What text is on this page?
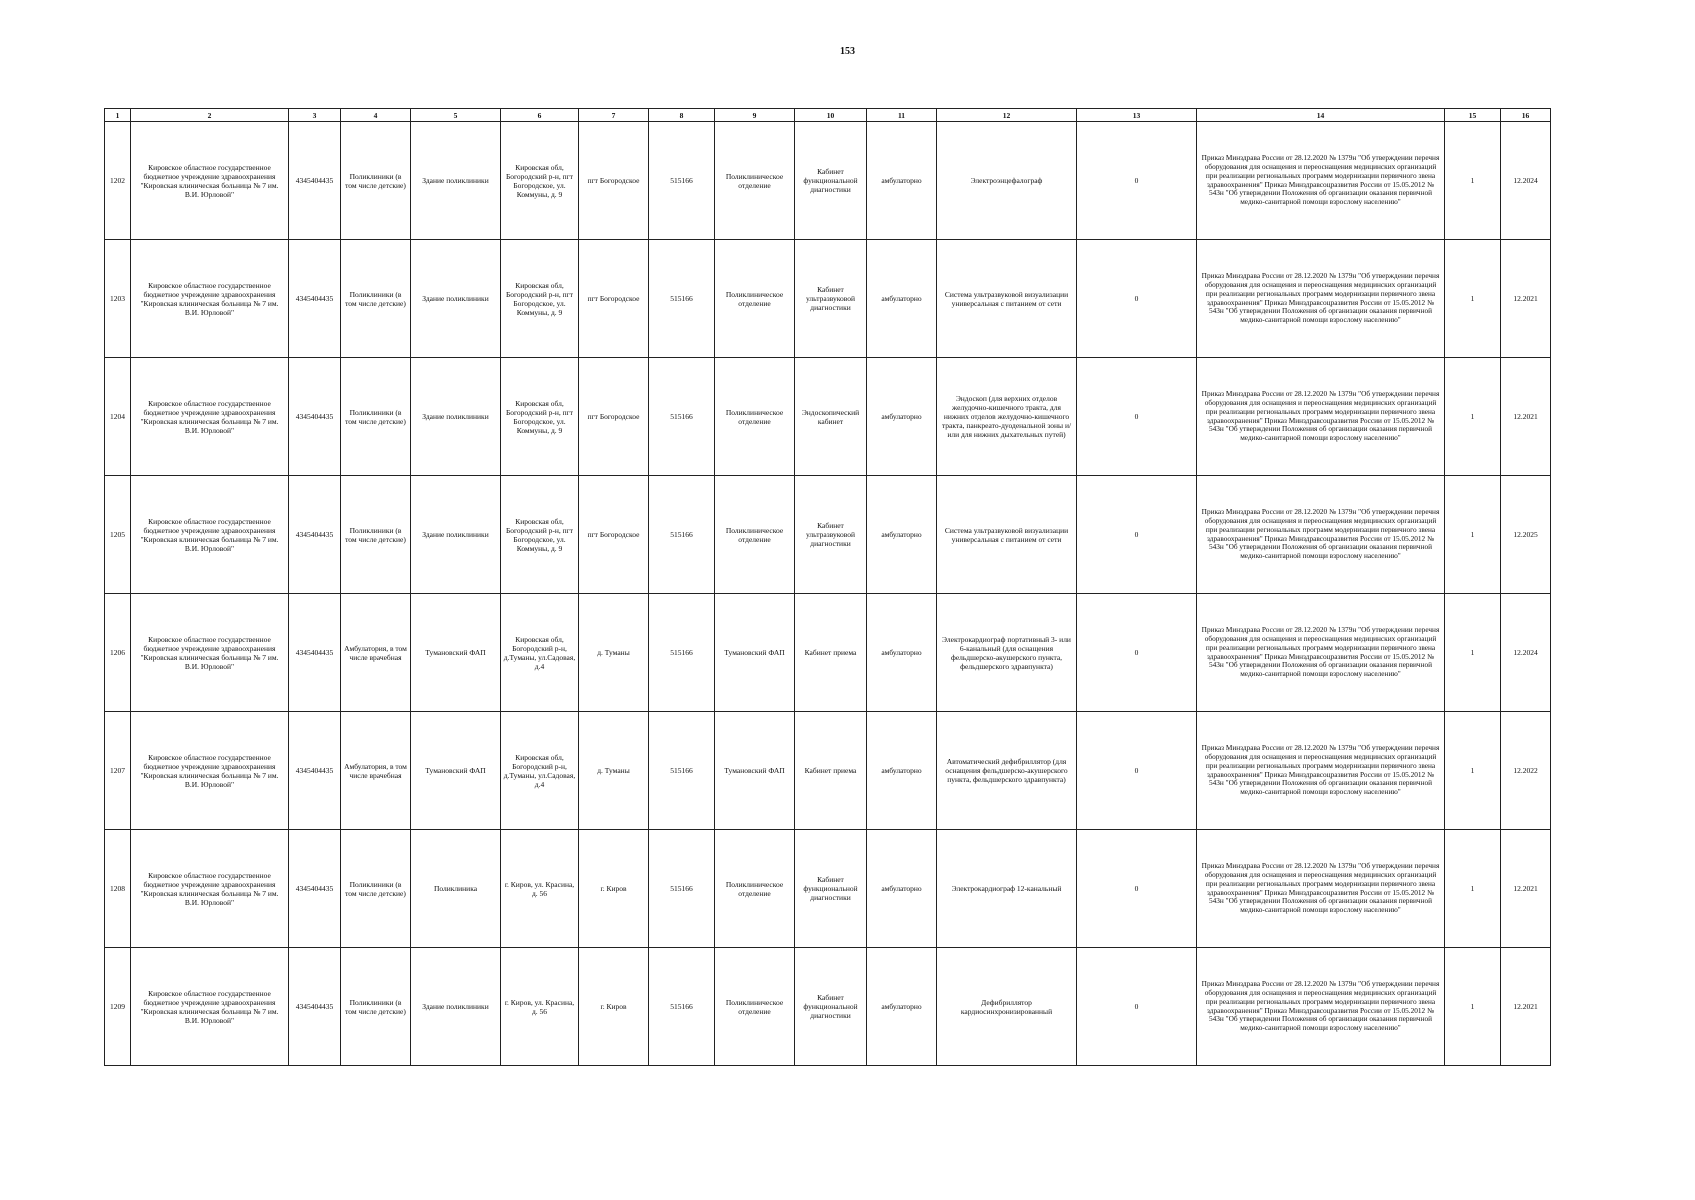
153
1	2	3	4	5	6	7	8	9	10	11	12	13	14	15	16
1202	Кировское областное государственное бюджетное учреждение здравоохранения "Кировская клиническая больница № 7 им. В.И. Юрловой"	4345404435	Поликлиники (в том числе детские)	Здание поликлиники	Кировская обл, Богородский р-н, пгт Богородское, ул. Коммуны, д. 9	пгт Богородское	515166	Поликлиническое отделение	Кабинет функциональной диагностики	амбулаторно	Электроэнцефалограф	0	Приказ Минздрава России от 28.12.2020 № 1379н "Об утверждении перечня оборудования для оснащения и переоснащения медицинских организаций при реализации региональных программ модернизации первичного звена здравоохранения" Приказ Минздравсоцразвития России от 15.05.2012 № 543н "Об утверждении Положения об организации оказания первичной медико-санитарной помощи взрослому населению"	1	12.2024
1203	Кировское областное государственное бюджетное учреждение здравоохранения "Кировская клиническая больница № 7 им. В.И. Юрловой"	4345404435	Поликлиники (в том числе детские)	Здание поликлиники	Кировская обл, Богородский р-н, пгт Богородское, ул. Коммуны, д. 9	пгт Богородское	515166	Поликлиническое отделение	Кабинет ультразвуковой диагностики	амбулаторно	Система ультразвуковой визуализации универсальная с питанием от сети	0	Приказ Минздрава России от 28.12.2020 № 1379н "Об утверждении перечня оборудования для оснащения и переоснащения медицинских организаций при реализации региональных программ модернизации первичного звена здравоохранения" Приказ Минздравсоцразвития России от 15.05.2012 № 543н "Об утверждении Положения об организации оказания первичной медико-санитарной помощи взрослому населению"	1	12.2021
1204	Кировское областное государственное бюджетное учреждение здравоохранения "Кировская клиническая больница № 7 им. В.И. Юрловой"	4345404435	Поликлиники (в том числе детские)	Здание поликлиники	Кировская обл, Богородский р-н, пгт Богородское, ул. Коммуны, д. 9	пгт Богородское	515166	Поликлиническое отделение	Эндоскопический кабинет	амбулаторно	Эндоскоп (для верхних отделов желудочно-кишечного тракта, для нижних отделов желудочно-кишечного тракта, панкреато-дуоденальной зоны и/или для нижних дыхательных путей)	0	Приказ Минздрава России от 28.12.2020 № 1379н "Об утверждении перечня оборудования для оснащения и переоснащения медицинских организаций при реализации региональных программ модернизации первичного звена здравоохранения" Приказ Минздравсоцразвития России от 15.05.2012 № 543н "Об утверждении Положения об организации оказания первичной медико-санитарной помощи взрослому населению"	1	12.2021
1205	Кировское областное государственное бюджетное учреждение здравоохранения "Кировская клиническая больница № 7 им. В.И. Юрловой"	4345404435	Поликлиники (в том числе детские)	Здание поликлиники	Кировская обл, Богородский р-н, пгт Богородское, ул. Коммуны, д. 9	пгт Богородское	515166	Поликлиническое отделение	Кабинет ультразвуковой диагностики	амбулаторно	Система ультразвуковой визуализации универсальная с питанием от сети	0	Приказ Минздрава России от 28.12.2020 № 1379н "Об утверждении перечня оборудования для оснащения и переоснащения медицинских организаций при реализации региональных программ модернизации первичного звена здравоохранения" Приказ Минздравсоцразвития России от 15.05.2012 № 543н "Об утверждении Положения об организации оказания первичной медико-санитарной помощи взрослому населению"	1	12.2025
1206	Кировское областное государственное бюджетное учреждение здравоохранения "Кировская клиническая больница № 7 им. В.И. Юрловой"	4345404435	Амбулатория, в том числе врачебная	Тумановский ФАП	Кировская обл, Богородский р-н, д.Туманы, ул.Садовая, д.4	д. Туманы	515166	Тумановский ФАП	Кабинет приема	амбулаторно	Электрокардиограф портативный 3- или 6-канальный (для оснащения фельдшерско-акушерского пункта, фельдшерского здравпункта)	0	Приказ Минздрава России от 28.12.2020 № 1379н "Об утверждении перечня оборудования для оснащения и переоснащения медицинских организаций при реализации региональных программ модернизации первичного звена здравоохранения" Приказ Минздравсоцразвития России от 15.05.2012 № 543н "Об утверждении Положения об организации оказания первичной медико-санитарной помощи взрослому населению"	1	12.2024
1207	Кировское областное государственное бюджетное учреждение здравоохранения "Кировская клиническая больница № 7 им. В.И. Юрловой"	4345404435	Амбулатория, в том числе врачебная	Тумановский ФАП	Кировская обл, Богородский р-н, д.Туманы, ул.Садовая, д.4	д. Туманы	515166	Тумановский ФАП	Кабинет приема	амбулаторно	Автоматический дефибриллятор (для оснащения фельдшерско-акушерского пункта, фельдшерского здравпункта)	0	Приказ Минздрава России от 28.12.2020 № 1379н "Об утверждении перечня оборудования для оснащения и переоснащения медицинских организаций при реализации региональных программ модернизации первичного звена здравоохранения" Приказ Минздравсоцразвития России от 15.05.2012 № 543н "Об утверждении Положения об организации оказания первичной медико-санитарной помощи взрослому населению"	1	12.2022
1208	Кировское областное государственное бюджетное учреждение здравоохранения "Кировская клиническая больница № 7 им. В.И. Юрловой"	4345404435	Поликлиники (в том числе детские)	Поликлиника	г. Киров, ул. Красина, д. 56	г. Киров	515166	Поликлиническое отделение	Кабинет функциональной диагностики	амбулаторно	Электрокардиограф 12-канальный	0	Приказ Минздрава России от 28.12.2020 № 1379н "Об утверждении перечня оборудования для оснащения и переоснащения медицинских организаций при реализации региональных программ модернизации первичного звена здравоохранения" Приказ Минздравсоцразвития России от 15.05.2012 № 543н "Об утверждении Положения об организации оказания первичной медико-санитарной помощи взрослому населению"	1	12.2021
1209	Кировское областное государственное бюджетное учреждение здравоохранения "Кировская клиническая больница № 7 им. В.И. Юрловой"	4345404435	Поликлиники (в том числе детские)	Здание поликлиники	г. Киров, ул. Красина, д. 56	г. Киров	515166	Поликлиническое отделение	Кабинет функциональной диагностики	амбулаторно	Дефибриллятор кардиосинхронизированный	0	Приказ Минздрава России от 28.12.2020 № 1379н "Об утверждении перечня оборудования для оснащения и переоснащения медицинских организаций при реализации региональных программ модернизации первичного звена здравоохранения" Приказ Минздравсоцразвития России от 15.05.2012 № 543н "Об утверждении Положения об организации оказания первичной медико-санитарной помощи взрослому населению"	1	12.2021
